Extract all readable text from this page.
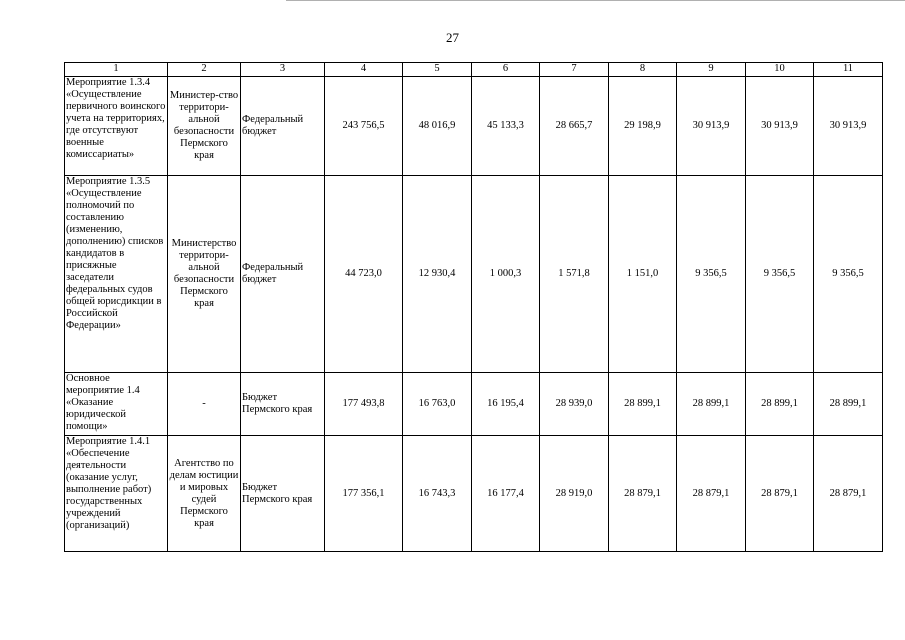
27
1	2	3	4	5	6	7	8	9	10	11
Мероприятие 1.3.4 «Осуществление первичного воинского учета на территориях, где отсутствуют военные комиссариаты»	Министер-ство территори-альной безопасности Пермского края	Федеральный бюджет	243 756,5	48 016,9	45 133,3	28 665,7	29 198,9	30 913,9	30 913,9	30 913,9
Мероприятие 1.3.5 «Осуществление полномочий по составлению (изменению, дополнению) списков кандидатов в присяжные заседатели федеральных судов общей юрисдикции в Российской Федерации»	Министерство территори-альной безопасности Пермского края	Федеральный бюджет	44 723,0	12 930,4	1 000,3	1 571,8	1 151,0	9 356,5	9 356,5	9 356,5
Основное мероприятие 1.4 «Оказание юридической помощи»	-	Бюджет Пермского края	177 493,8	16 763,0	16 195,4	28 939,0	28 899,1	28 899,1	28 899,1	28 899,1
Мероприятие 1.4.1 «Обеспечение деятельности (оказание услуг, выполнение работ) государственных учреждений (организаций)	Агентство по делам юстиции и мировых судей Пермского края	Бюджет Пермского края	177 356,1	16 743,3	16 177,4	28 919,0	28 879,1	28 879,1	28 879,1	28 879,1
